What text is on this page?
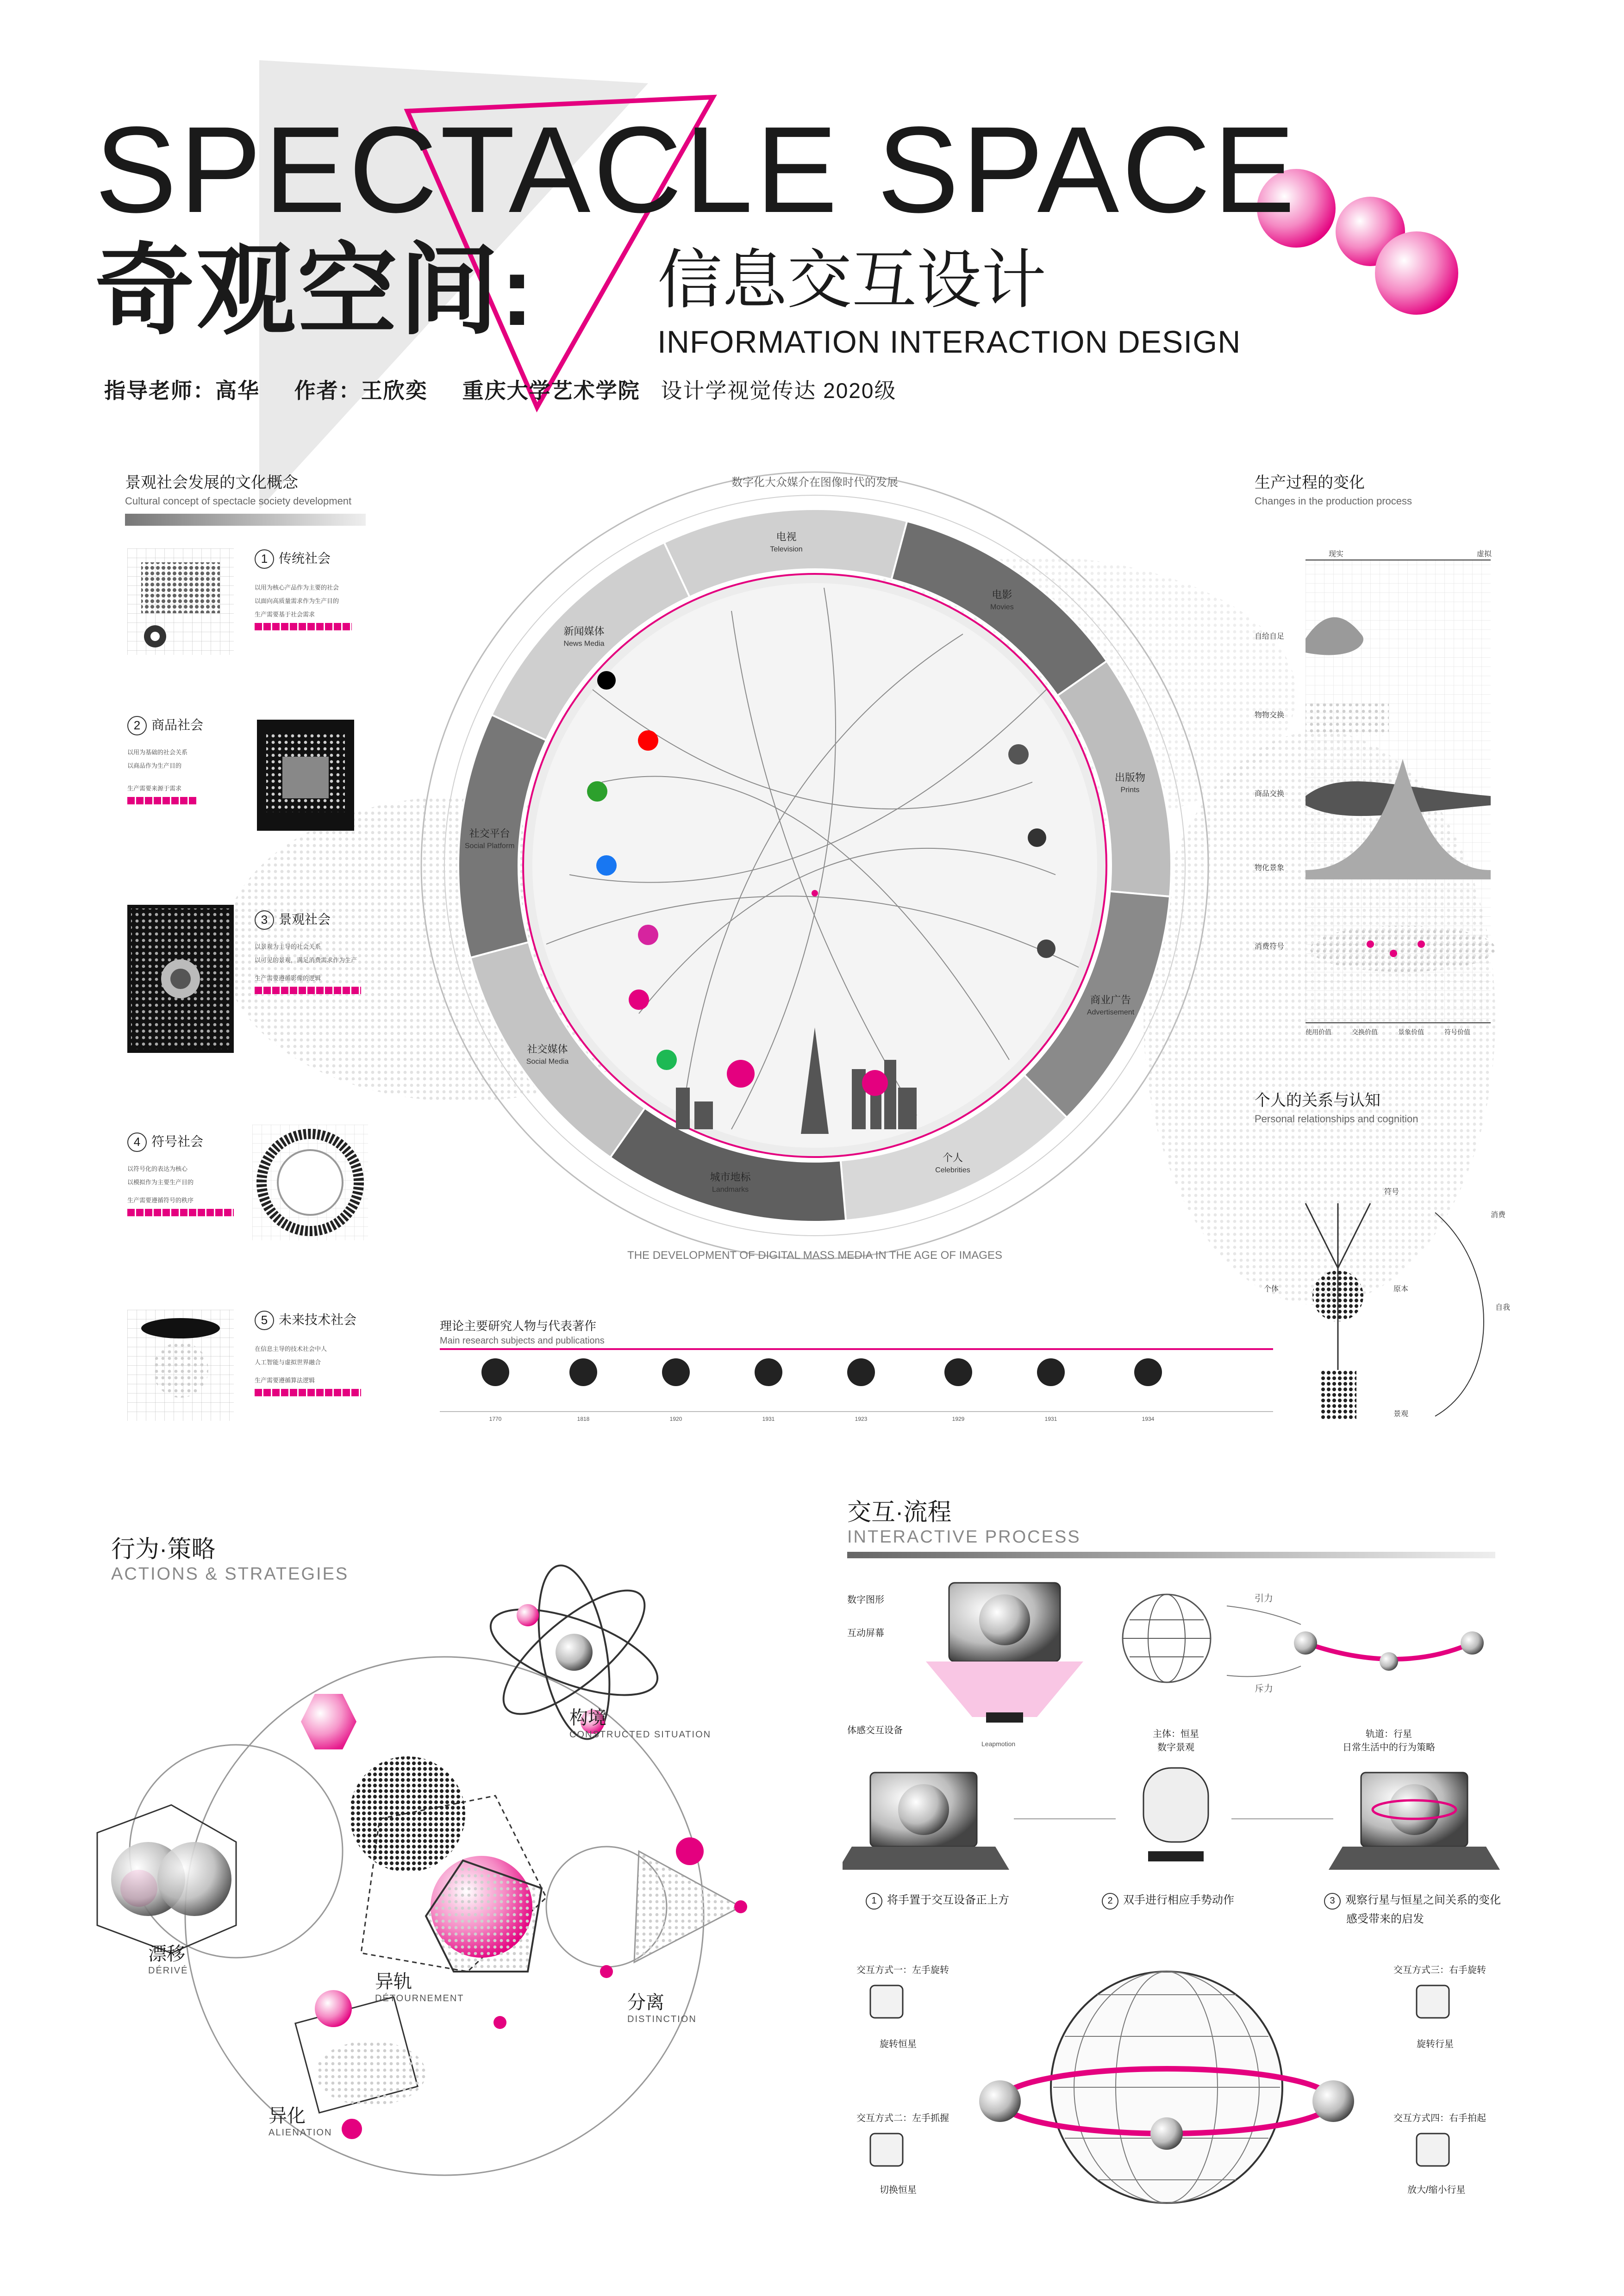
SPECTACLE SPACE
奇观空间: 信息交互设计
INFORMATION INTERACTION DESIGN
指导老师：高华 作者：王欣奕 重庆大学艺术学院 设计学视觉传达 2020级
景观社会发展的文化概念
Cultural concept of spectacle society development
1 传统社会
以用为核心产品作为主要的社会
以面向高质量需求作为生产目的
生产需要基于社会需求
2 商品社会
以用为基础的社会关系
以商品作为生产目的
生产需要来源于需求
3 景观社会
以景观为主导的社会关系
以可见的景观，满足消费需求作为生产
生产需要遵循影像的逻辑
4 符号社会
以符号化的表达为核心
以模拟作为主要生产目的
生产需要遵循符号的秩序
5 未来技术社会
在信息主导的技术社会中人
人工智能与虚拟世界融合
生产需要遵循算法逻辑
电视
Television
电影
Movies
出版物
Prints
商业广告
Advertisement
个人
Celebrities
城市地标
Landmarks
社交媒体
Social Media
社交平台
Social Platform
新闻媒体
News Media
数字化大众媒介在图像时代的发展
THE DEVELOPMENT OF DIGITAL MASS MEDIA IN THE AGE OF IMAGES
生产过程的变化
Changes in the production process
现实	虚拟
自给自足
物物交换
商品交换
物化景象
消费符号
使用价值	交换价值	景象价值	符号价值
个人的关系与认知
Personal relationships and cognition
符号
消费
自我
个体	原本
景观
理论主要研究人物与代表著作
Main research subjects and publications
1770	1818	1920	1931	1923	1929	1931	1934
行为·策略
ACTIONS & STRATEGIES
构境
CONSTRUCTED SITUATION
漂移
DÉRIVÉ
异轨
DÉTOURNEMENT	分离
DISTINCTION
异化
ALIENATION
交互·流程
INTERACTIVE PROCESS
引力
斥力
数字图形
互动屏幕
体感交互设备
Leapmotion
主体：恒星
数字景观
轨道：行星
日常生活中的行为策略
1 将手置于交互设备正上方	2 双手进行相应手势动作	3 观察行星与恒星之间关系的变化
感受带来的启发
交互方式一：左手旋转
旋转恒星
交互方式二：左手抓握
切换恒星
交互方式三：右手旋转
旋转行星
交互方式四：右手拍起
放大/缩小行星
